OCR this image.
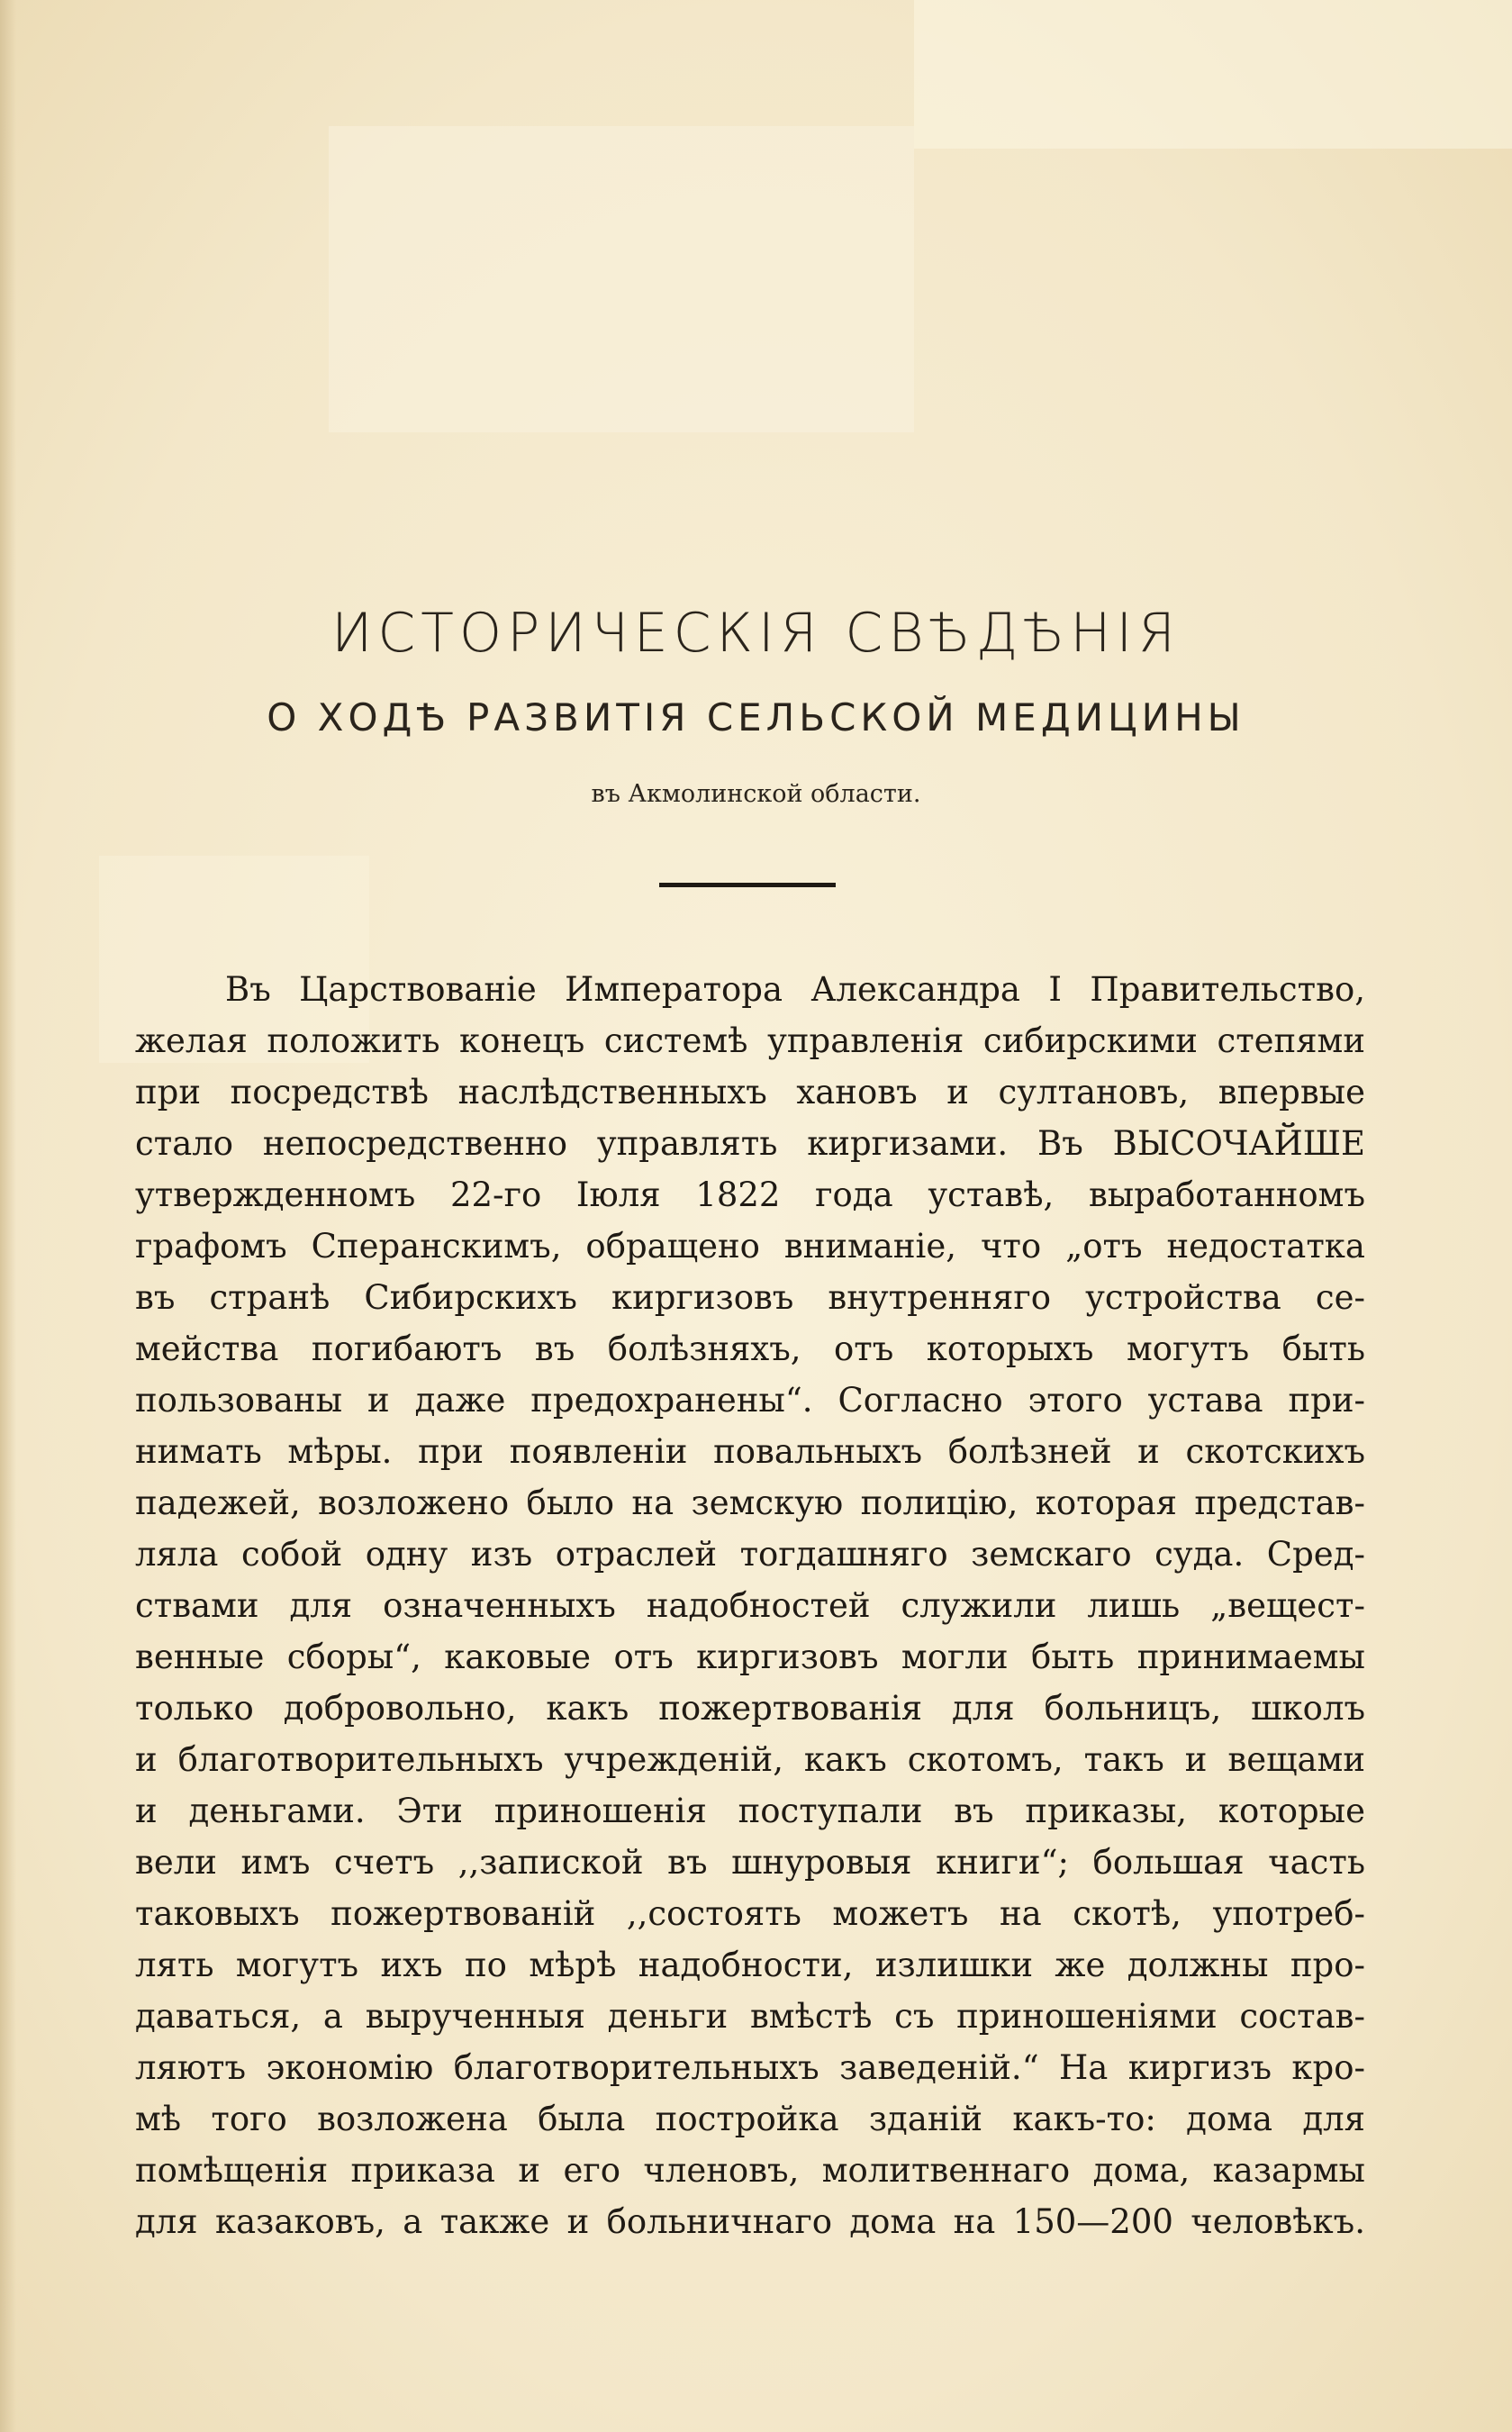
ИСТОРИЧЕСКІЯ СВѢДѢНІЯ
О ХОДѢ РАЗВИТІЯ СЕЛЬСКОЙ МЕДИЦИНЫ
въ Акмолинской области.
Въ Царствованіе Императора Александра I Правительство,
желая положить конецъ системѣ управленія сибирскими степями
при посредствѣ наслѣдственныхъ хановъ и султановъ, впервые
стало непосредственно управлять киргизами. Въ ВЫСОЧАЙШЕ
утвержденномъ 22-го Іюля 1822 года уставѣ, выработанномъ
графомъ Сперанскимъ, обращено вниманіе, что „отъ недостатка
въ странѣ Сибирскихъ киргизовъ внутренняго устройства се-
мейства погибаютъ въ болѣзняхъ, отъ которыхъ могутъ быть
пользованы и даже предохранены“. Согласно этого устава при-
нимать мѣры. при появленіи повальныхъ болѣзней и скотскихъ
падежей, возложено было на земскую полицію, которая представ-
ляла собой одну изъ отраслей тогдашняго земскаго суда. Сред-
ствами для означенныхъ надобностей служили лишь „вещест-
венные сборы“, каковые отъ киргизовъ могли быть принимаемы
только добровольно, какъ пожертвованія для больницъ, школъ
и благотворительныхъ учрежденій, какъ скотомъ, такъ и вещами
и деньгами. Эти приношенія поступали въ приказы, которые
вели имъ счетъ ,,запиской въ шнуровыя книги“; большая часть
таковыхъ пожертвованій ,,состоять можетъ на скотѣ, употреб-
лять могутъ ихъ по мѣрѣ надобности, излишки же должны про-
даваться, а вырученныя деньги вмѣстѣ съ приношеніями состав-
ляютъ экономію благотворительныхъ заведеній.“ На киргизъ кро-
мѣ того возложена была постройка зданій какъ-то: дома для
помѣщенія приказа и его членовъ, молитвеннаго дома, казармы
для казаковъ, а также и больничнаго дома на 150—200 человѣкъ.
